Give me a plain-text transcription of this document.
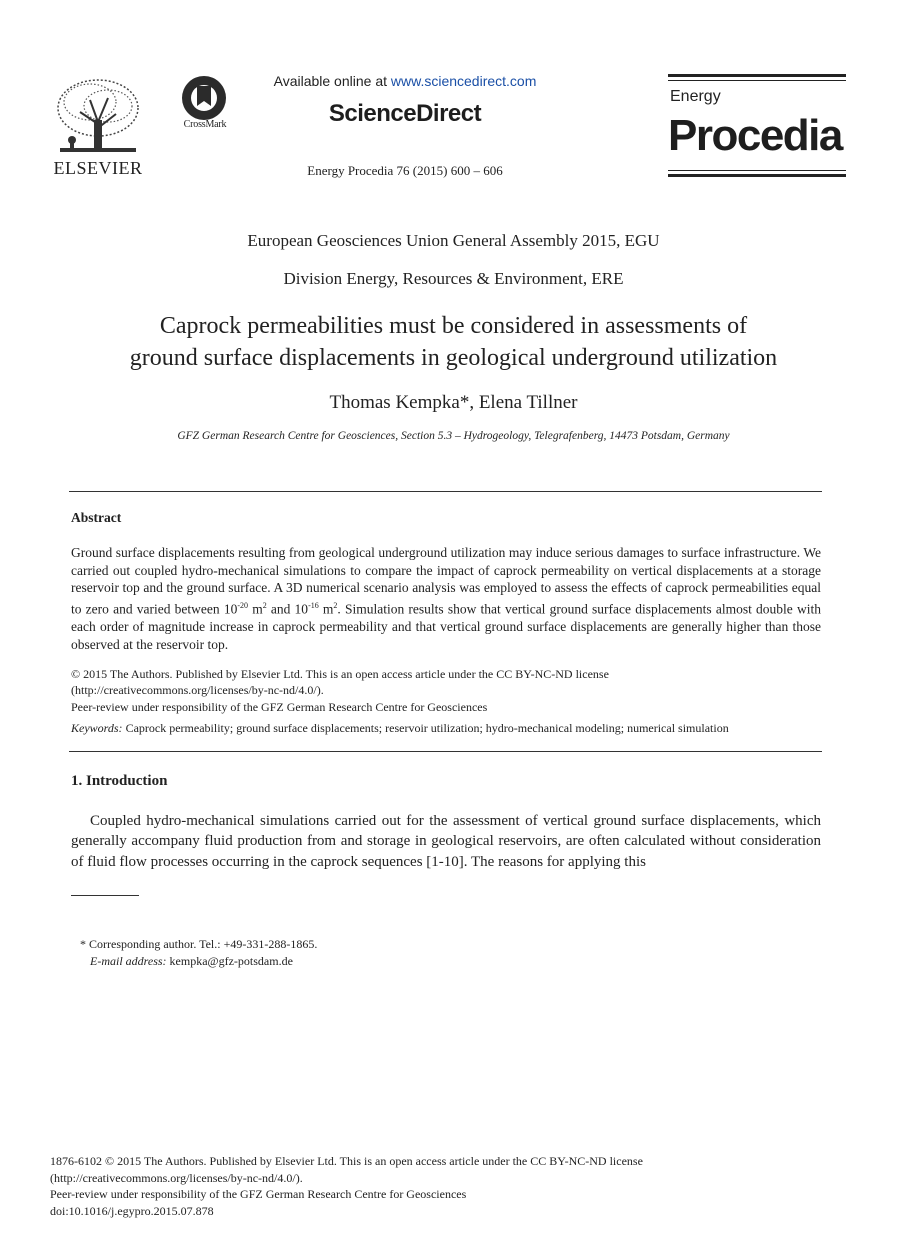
ELSEVIER
CrossMark
Available online at www.sciencedirect.com
ScienceDirect
Energy Procedia 76 (2015) 600 – 606
Energy
Procedia
European Geosciences Union General Assembly 2015, EGU
Division Energy, Resources & Environment, ERE
Caprock permeabilities must be considered in assessments of
ground surface displacements in geological underground utilization
Thomas Kempka*, Elena Tillner
GFZ German Research Centre for Geosciences, Section 5.3 – Hydrogeology, Telegrafenberg, 14473 Potsdam, Germany
Abstract
Ground surface displacements resulting from geological underground utilization may induce serious damages to surface infrastructure. We carried out coupled hydro-mechanical simulations to compare the impact of caprock permeability on vertical displacements at a storage reservoir top and the ground surface. A 3D numerical scenario analysis was employed to assess the effects of caprock permeabilities equal to zero and varied between $10^{-20}$ $m^2$ and $10^{-16}$ $m^2$. Simulation results show that vertical ground surface displacements almost double with each order of magnitude increase in caprock permeability and that vertical ground surface displacements are generally higher than those observed at the reservoir top.
© 2015 The Authors. Published by Elsevier Ltd. This is an open access article under the CC BY-NC-ND license
(http://creativecommons.org/licenses/by-nc-nd/4.0/).
Peer-review under responsibility of the GFZ German Research Centre for Geosciences
Keywords: Caprock permeability; ground surface displacements; reservoir utilization; hydro-mechanical modeling; numerical simulation
1. Introduction
Coupled hydro-mechanical simulations carried out for the assessment of vertical ground surface displacements, which generally accompany fluid production from and storage in geological reservoirs, are often calculated without consideration of fluid flow processes occurring in the caprock sequences [1-10]. The reasons for applying this
* Corresponding author. Tel.: +49-331-288-1865.
E-mail address: kempka@gfz-potsdam.de
1876-6102 © 2015 The Authors. Published by Elsevier Ltd. This is an open access article under the CC BY-NC-ND license
(http://creativecommons.org/licenses/by-nc-nd/4.0/).
Peer-review under responsibility of the GFZ German Research Centre for Geosciences
doi:10.1016/j.egypro.2015.07.878
